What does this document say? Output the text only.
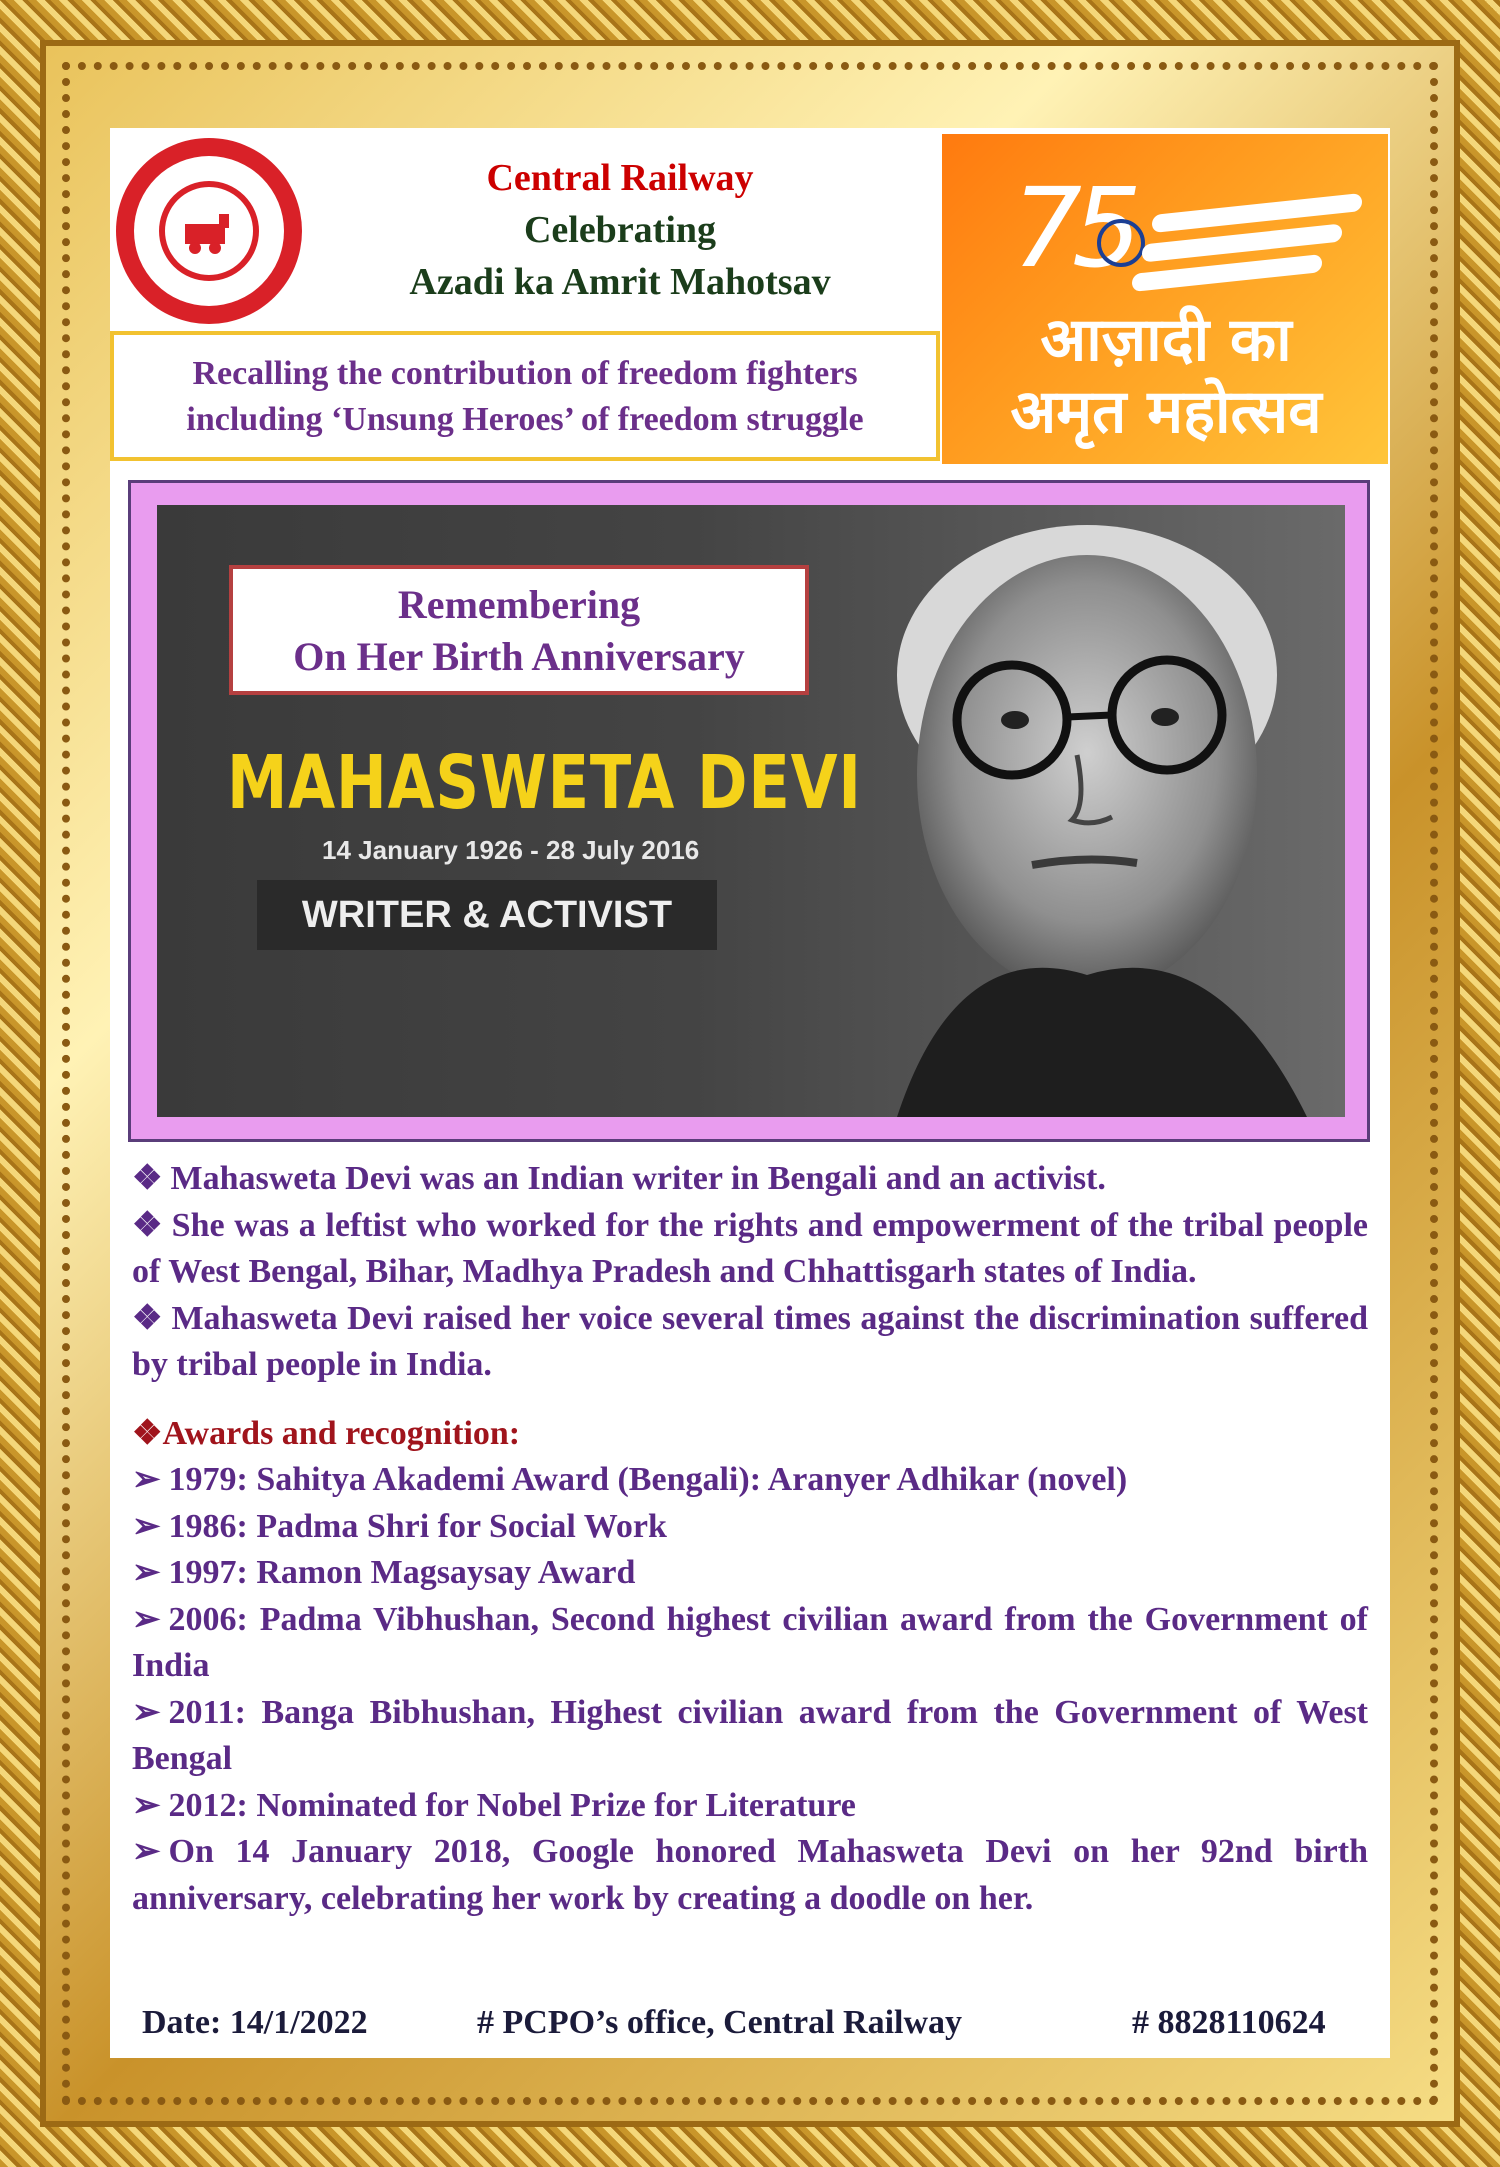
Central Railway
Celebrating
Azadi ka Amrit Mahotsav
Recalling the contribution of freedom fighters
including ‘Unsung Heroes’ of freedom struggle
75
आज़ादी का
अमृत महोत्सव
Remembering
On Her Birth Anniversary
MAHASWETA DEVI
14 January 1926 - 28 July 2016
WRITER & ACTIVIST

❖ Mahasweta Devi was an Indian writer in Bengali and an activist.

❖ She was a leftist who worked for the rights and empowerment of the tribal people of West Bengal, Bihar, Madhya Pradesh and Chhattisgarh states of India.

❖ Mahasweta Devi raised her voice several times against the discrimination suffered by tribal people in India.

❖Awards and recognition:

➢ 1979: Sahitya Akademi Award (Bengali): Aranyer Adhikar (novel)

➢ 1986: Padma Shri for Social Work

➢ 1997: Ramon Magsaysay Award

➢ 2006: Padma Vibhushan, Second highest civilian award from the Government of India

➢ 2011: Banga Bibhushan, Highest civilian award from the Government of West Bengal

➢ 2012: Nominated for Nobel Prize for Literature

➢ On 14 January 2018, Google honored Mahasweta Devi on her 92nd birth anniversary, celebrating her work by creating a doodle on her.

Date: 14/1/2022	# PCPO’s office, Central Railway	# 8828110624
